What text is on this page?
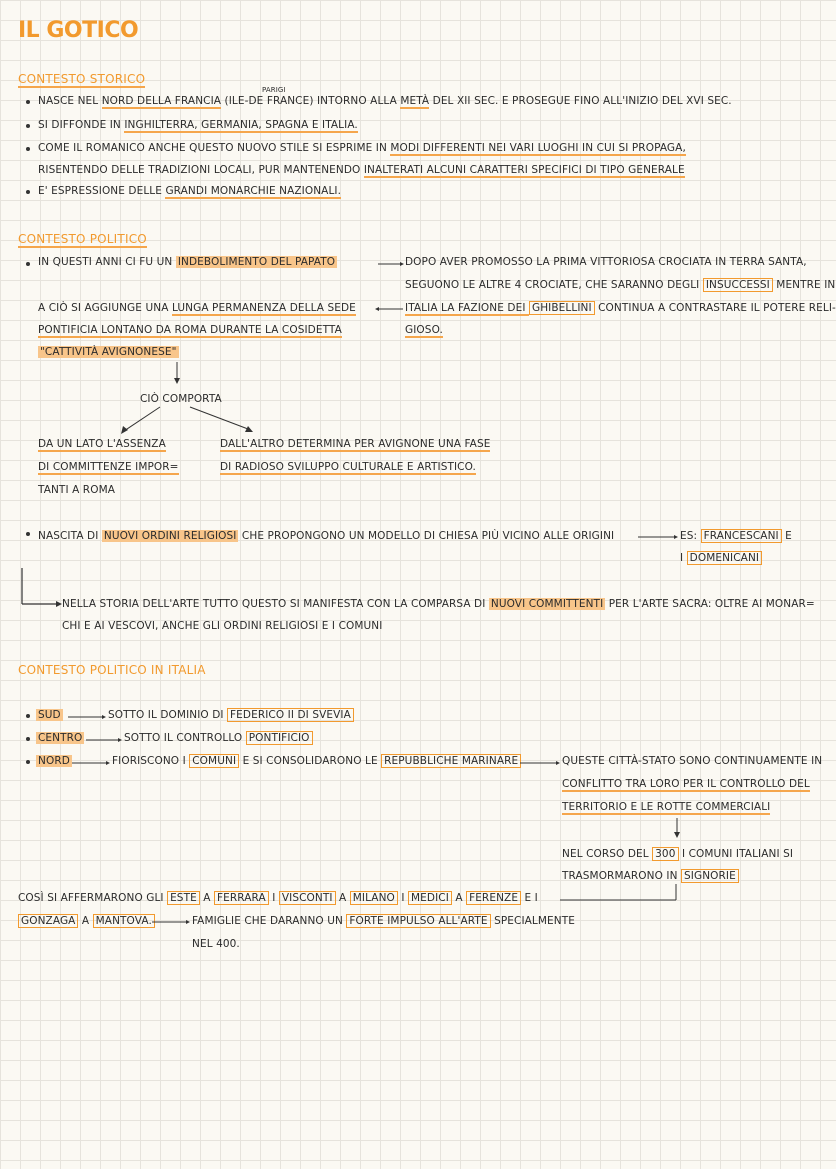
IL GOTICO
CONTESTO STORICO
PARIGI
NASCE NEL NORD DELLA FRANCIA (ILE-DE FRANCE) INTORNO ALLA METÀ DEL XII SEC. E PROSEGUE FINO ALL'INIZIO DEL XVI SEC.
SI DIFFONDE IN INGHILTERRA, GERMANIA, SPAGNA E ITALIA.
COME IL ROMANICO ANCHE QUESTO NUOVO STILE SI ESPRIME IN MODI DIFFERENTI NEI VARI LUOGHI IN CUI SI PROPAGA,
RISENTENDO DELLE TRADIZIONI LOCALI, PUR MANTENENDO INALTERATI ALCUNI CARATTERI SPECIFICI DI TIPO GENERALE
E' ESPRESSIONE DELLE GRANDI MONARCHIE NAZIONALI.
CONTESTO POLITICO
IN QUESTI ANNI CI FU UN INDEBOLIMENTO DEL PAPATO	DOPO AVER PROMOSSO LA PRIMA VITTORIOSA CROCIATA IN TERRA SANTA,
SEGUONO LE ALTRE 4 CROCIATE, CHE SARANNO DEGLI INSUCCESSI MENTRE IN
ITALIA LA FAZIONE DEI GHIBELLINI CONTINUA A CONTRASTARE IL POTERE RELI-
GIOSO.
A CIÒ SI AGGIUNGE UNA LUNGA PERMANENZA DELLA SEDE
PONTIFICIA LONTANO DA ROMA DURANTE LA COSIDETTA
"CATTIVITÀ AVIGNONESE"
CIÒ COMPORTA
DA UN LATO L'ASSENZA
DI COMMITTENZE IMPOR=
TANTI A ROMA
DALL'ALTRO DETERMINA PER AVIGNONE UNA FASE
DI RADIOSO SVILUPPO CULTURALE E ARTISTICO.
NASCITA DI NUOVI ORDINI RELIGIOSI CHE PROPONGONO UN MODELLO DI CHIESA PIÙ VICINO ALLE ORIGINI	ES: FRANCESCANI E
I DOMENICANI
NELLA STORIA DELL'ARTE TUTTO QUESTO SI MANIFESTA CON LA COMPARSA DI NUOVI COMMITTENTI PER L'ARTE SACRA: OLTRE AI MONAR=
CHI E AI VESCOVI, ANCHE GLI ORDINI RELIGIOSI E I COMUNI
CONTESTO POLITICO IN ITALIA
SUD	SOTTO IL DOMINIO DI FEDERICO II DI SVEVIA
CENTRO	SOTTO IL CONTROLLO PONTIFICIO
NORD	FIORISCONO I COMUNI E SI CONSOLIDARONO LE REPUBBLICHE MARINARE	QUESTE CITTÀ-STATO SONO CONTINUAMENTE IN
CONFLITTO TRA LORO PER IL CONTROLLO DEL
TERRITORIO E LE ROTTE COMMERCIALI
NEL CORSO DEL 300 I COMUNI ITALIANI SI
TRASMORMARONO IN SIGNORIE
COSÌ SI AFFERMARONO GLI ESTE A FERRARA I VISCONTI A MILANO I MEDICI A FERENZE E I
GONZAGA A MANTOVA.	FAMIGLIE CHE DARANNO UN FORTE IMPULSO ALL'ARTE SPECIALMENTE
NEL 400.
